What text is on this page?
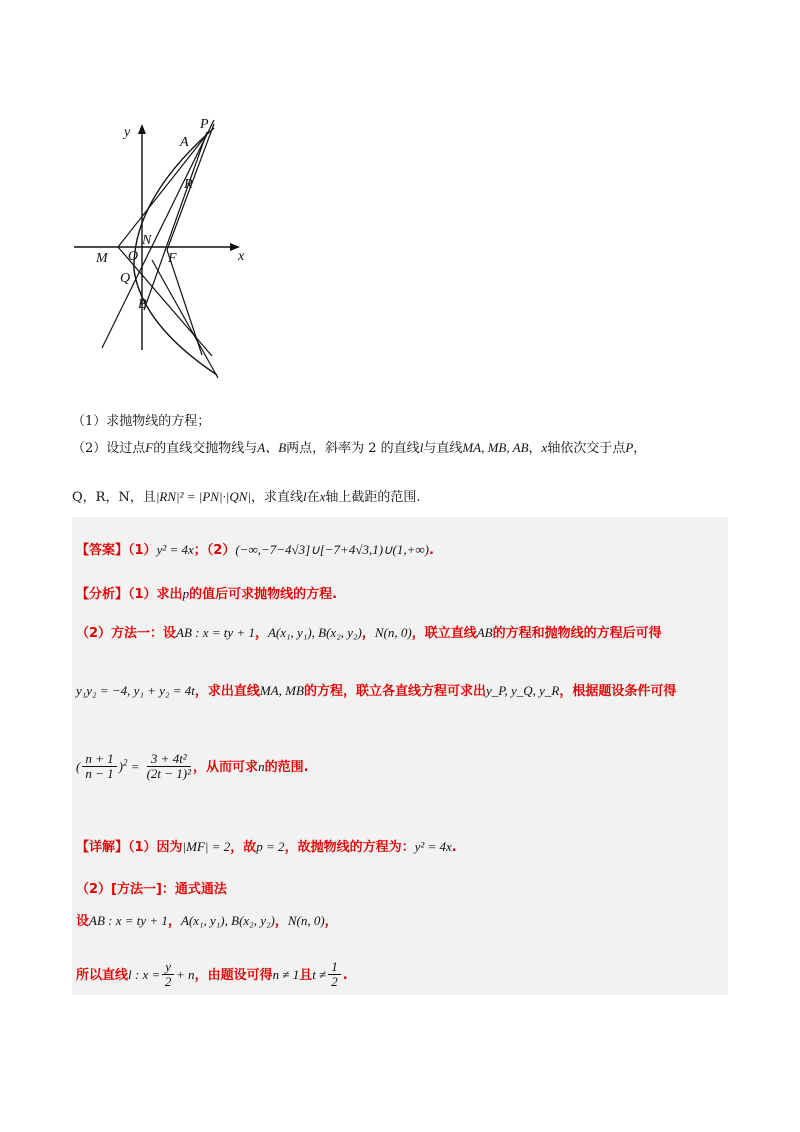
y
x
P
A
R
N
M O F
Q
B
（1）求抛物线的方程；
（2）设过点F的直线交抛物线与A、B两点，斜率为 2 的直线l与直线MA, MB, AB，x轴依次交于点P，
Q，R，N，且|RN|² = |PN|·|QN|，求直线l在x轴上截距的范围.
【答案】（1）y² = 4x；（2）(−∞,−7−4√3]∪[−7+4√3,1)∪(1,+∞).
【分析】（1）求出p的值后可求抛物线的方程.
（2）方法一：设AB : x = ty + 1，A(x₁, y₁), B(x₂, y₂)，N(n, 0)，联立直线AB的方程和抛物线的方程后可得
y₁y₂ = −4, y₁ + y₂ = 4t，求出直线MA, MB的方程，联立各直线方程可求出y_P, y_Q, y_R，根据题设条件可得
( $\frac{n + 1}{n - 1} )^2 = \frac{\text{3 + 4t²}}{\text{(2t − 1)²}}$ ，从而可求n的范围.
【详解】（1）因为|MF| = 2，故p = 2，故抛物线的方程为：y² = 4x.
（2）[方法一]：通式通法
设AB : x = ty + 1，A(x₁, y₁), B(x₂, y₂)，N(n, 0)，
所以直线l : $x = \frac{y}{2} + n$，由题设可得n ≠ 1且$t \ne \frac{1}{2}$ .
